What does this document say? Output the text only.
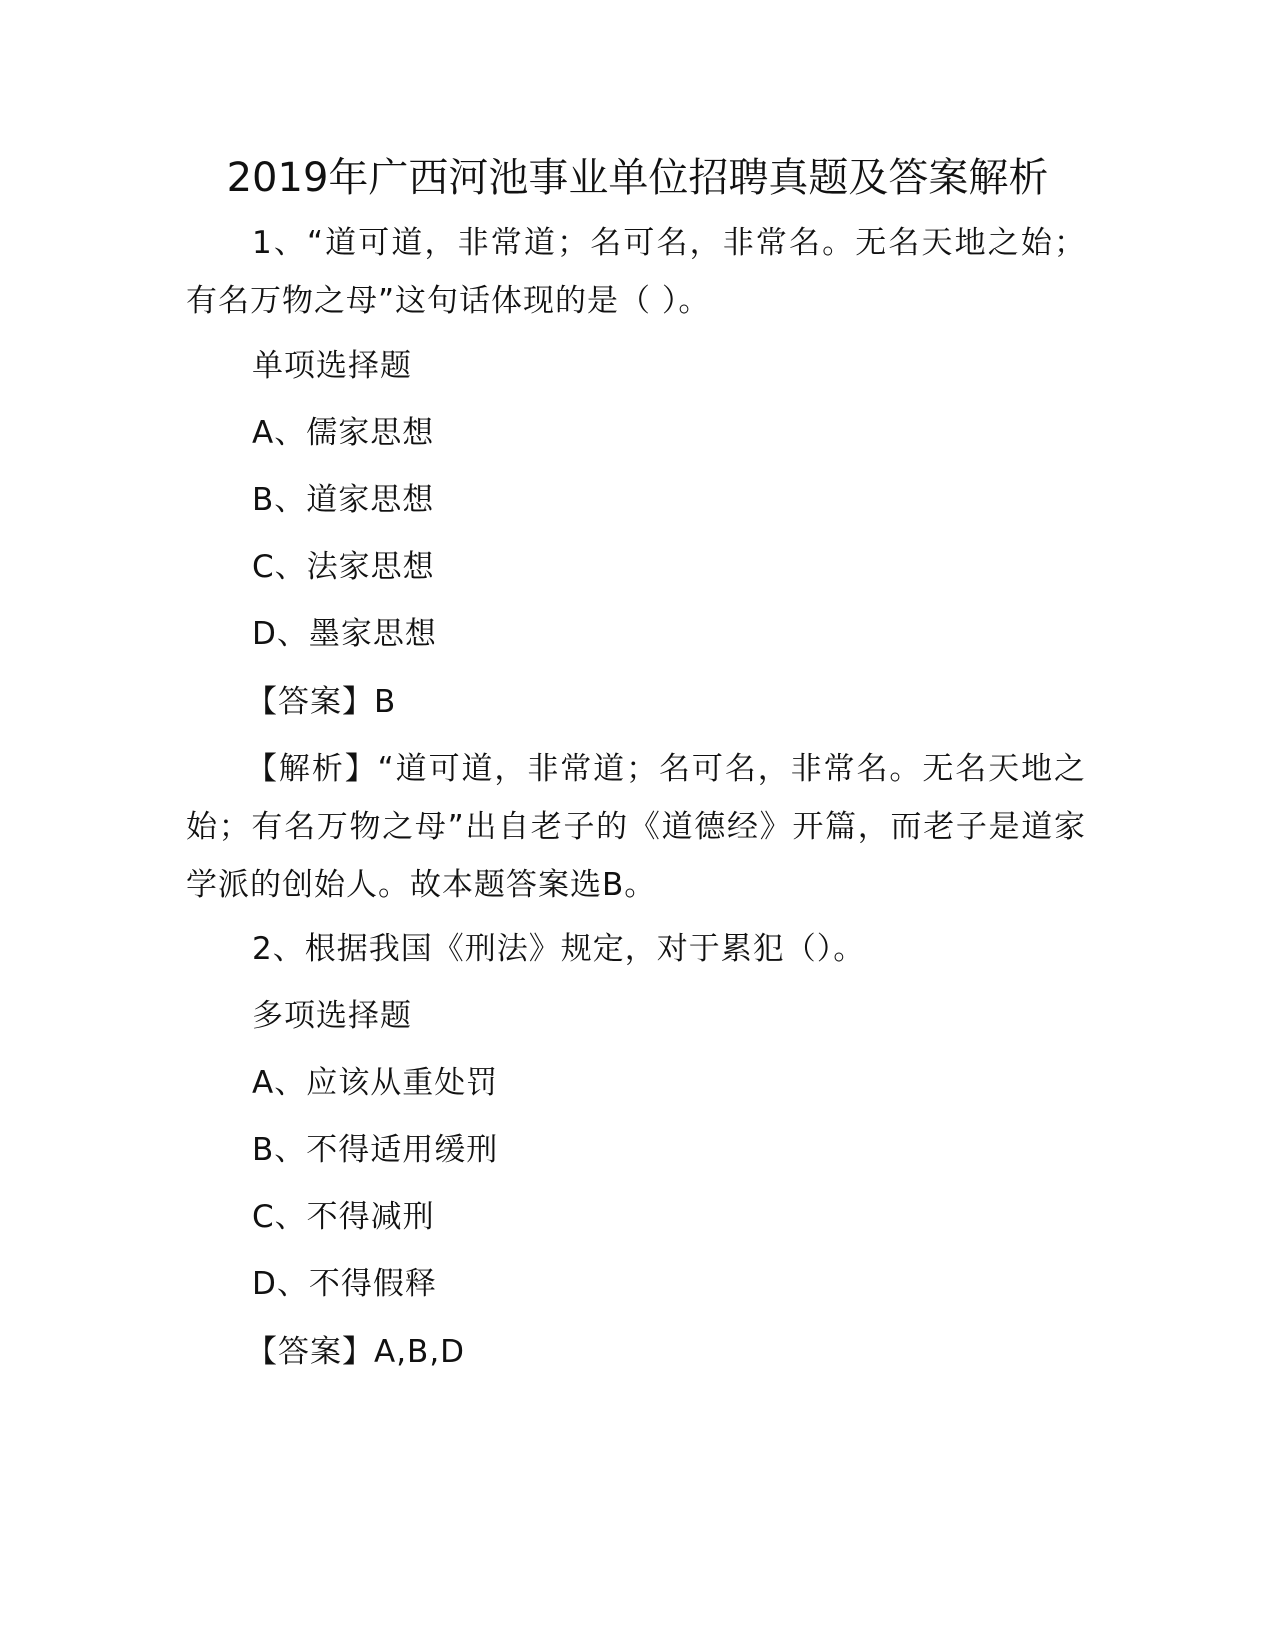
2019年广西河池事业单位招聘真题及答案解析
1、“道可道，非常道；名可名，非常名。无名天地之始；有名万物之母”这句话体现的是（ ）。
单项选择题
A、儒家思想
B、道家思想
C、法家思想
D、墨家思想
【答案】B
【解析】“道可道，非常道；名可名，非常名。无名天地之始；有名万物之母”出自老子的《道德经》开篇，而老子是道家学派的创始人。故本题答案选B。
2、根据我国《刑法》规定，对于累犯（）。
多项选择题
A、应该从重处罚
B、不得适用缓刑
C、不得减刑
D、不得假释
【答案】A,B,D
